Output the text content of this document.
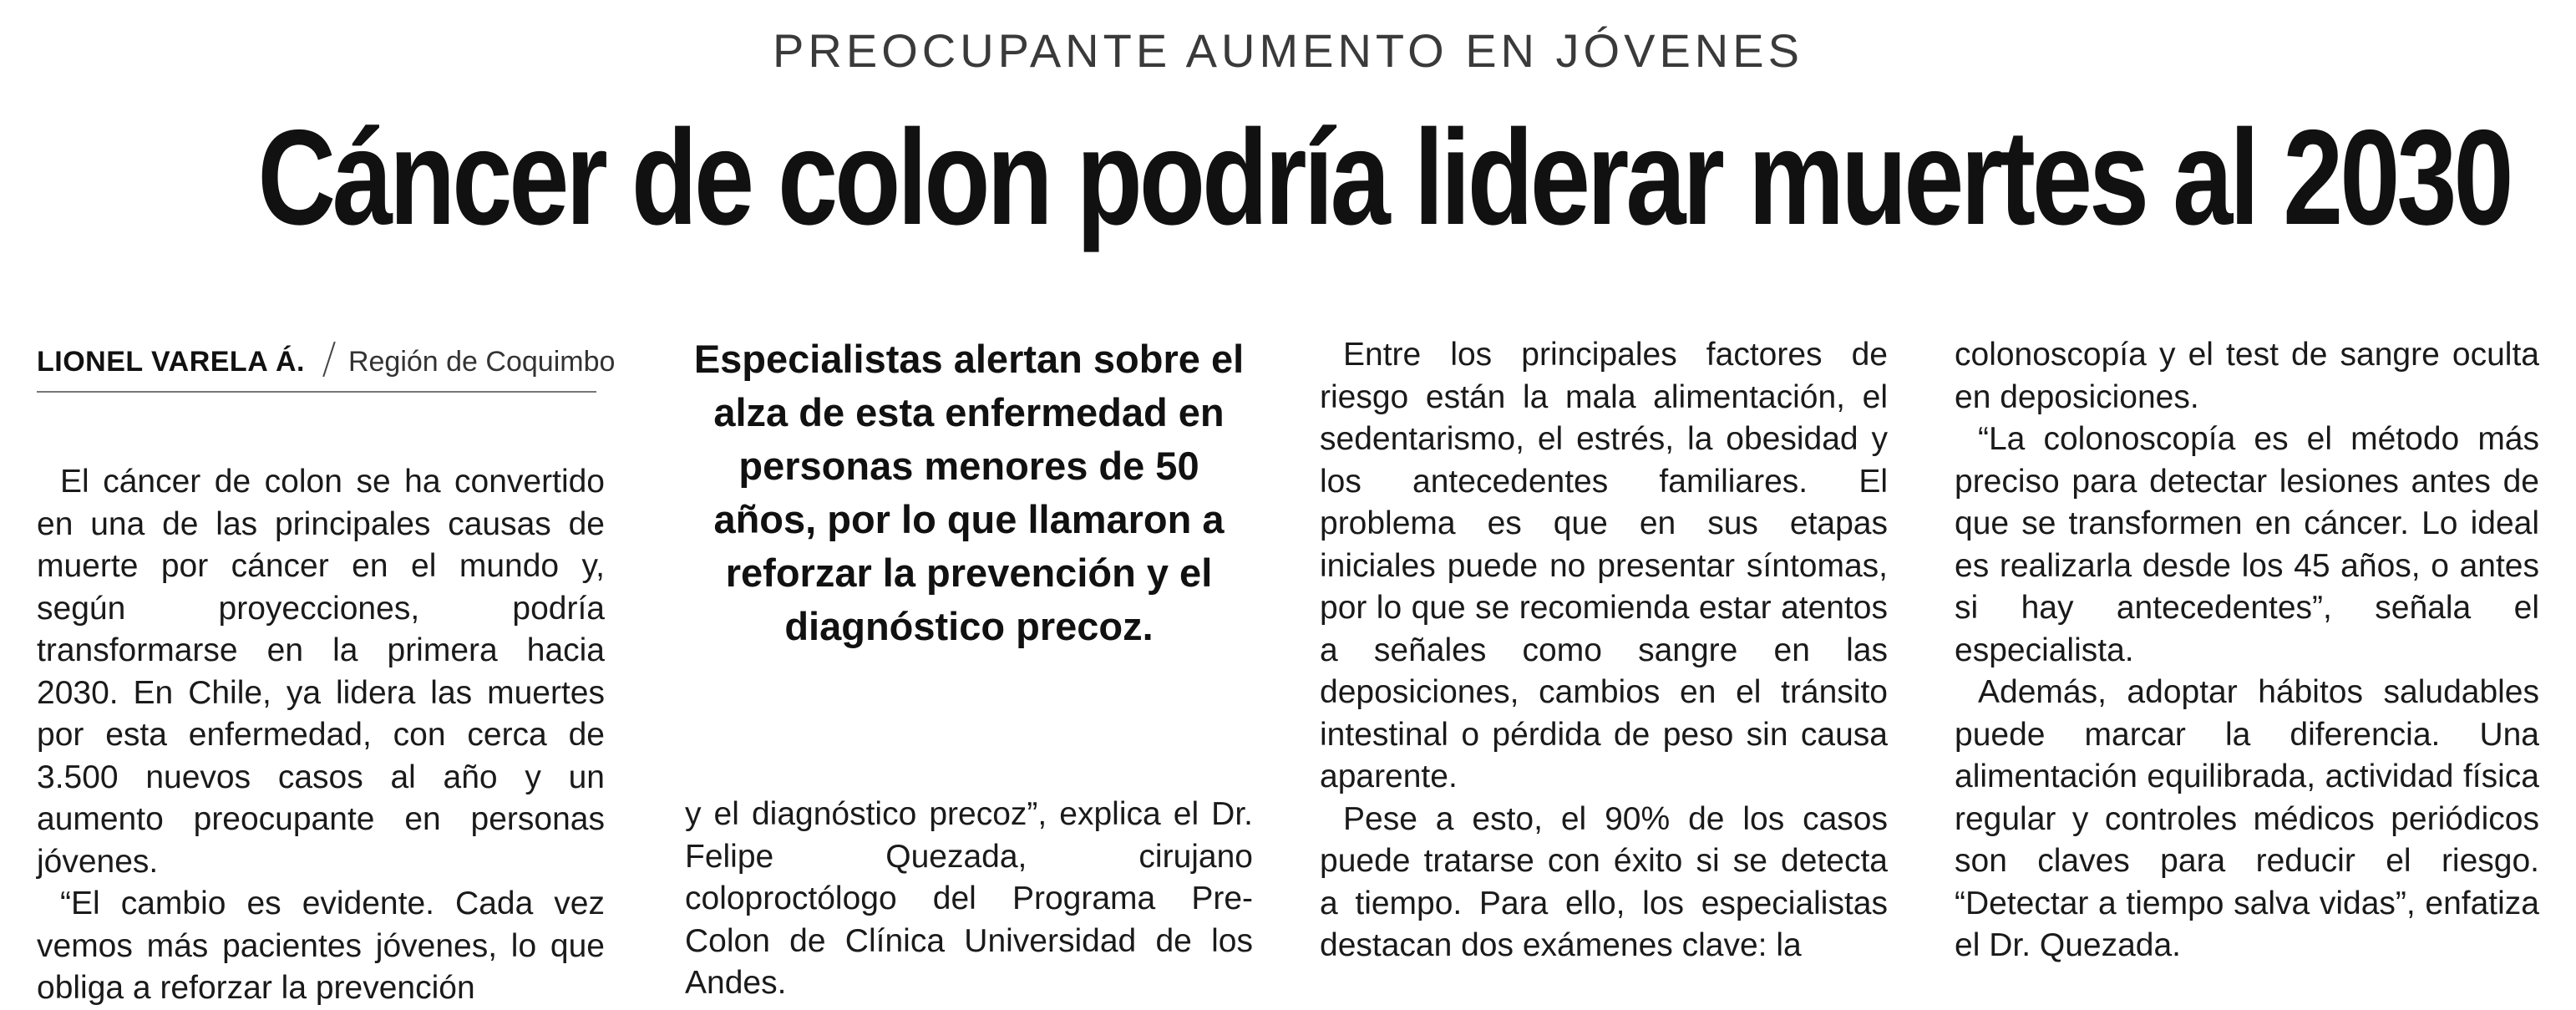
PREOCUPANTE AUMENTO EN JÓVENES
Cáncer de colon podría liderar muertes al 2030
LIONEL VARELA Á. Región de Coquimbo

El cáncer de colon se ha convertido en una de las principales causas de muerte por cáncer en el mundo y, según proyecciones, podría transformarse en la primera hacia 2030. En Chile, ya lidera las muertes por esta enfermedad, con cerca de 3.500 nuevos casos al año y un aumento preocupante en personas jóvenes.

“El cambio es evidente. Cada vez vemos más pacientes jóvenes, lo que obliga a reforzar la prevención

Especialistas alertan sobre el alza de esta enfermedad en personas menores de 50 años, por lo que llamaron a reforzar la prevención y el diagnóstico precoz.

y el diagnóstico precoz”, explica el Dr. Felipe Quezada, cirujano coloproctólogo del Programa Pre-Colon de Clínica Universidad de los Andes.

Entre los principales factores de riesgo están la mala alimentación, el sedentarismo, el estrés, la obesidad y los antecedentes familiares. El problema es que en sus etapas iniciales puede no presentar síntomas, por lo que se recomienda estar atentos a señales como sangre en las deposiciones, cambios en el tránsito intestinal o pérdida de peso sin causa aparente.

Pese a esto, el 90% de los casos puede tratarse con éxito si se detecta a tiempo. Para ello, los especialistas destacan dos exámenes clave: la

colonoscopía y el test de sangre oculta en deposiciones.

“La colonoscopía es el método más preciso para detectar lesiones antes de que se transformen en cáncer. Lo ideal es realizarla desde los 45 años, o antes si hay antecedentes”, señala el especialista.

Además, adoptar hábitos saludables puede marcar la diferencia. Una alimentación equilibrada, actividad física regular y controles médicos periódicos son claves para reducir el riesgo. “Detectar a tiempo salva vidas”, enfatiza el Dr. Quezada.
